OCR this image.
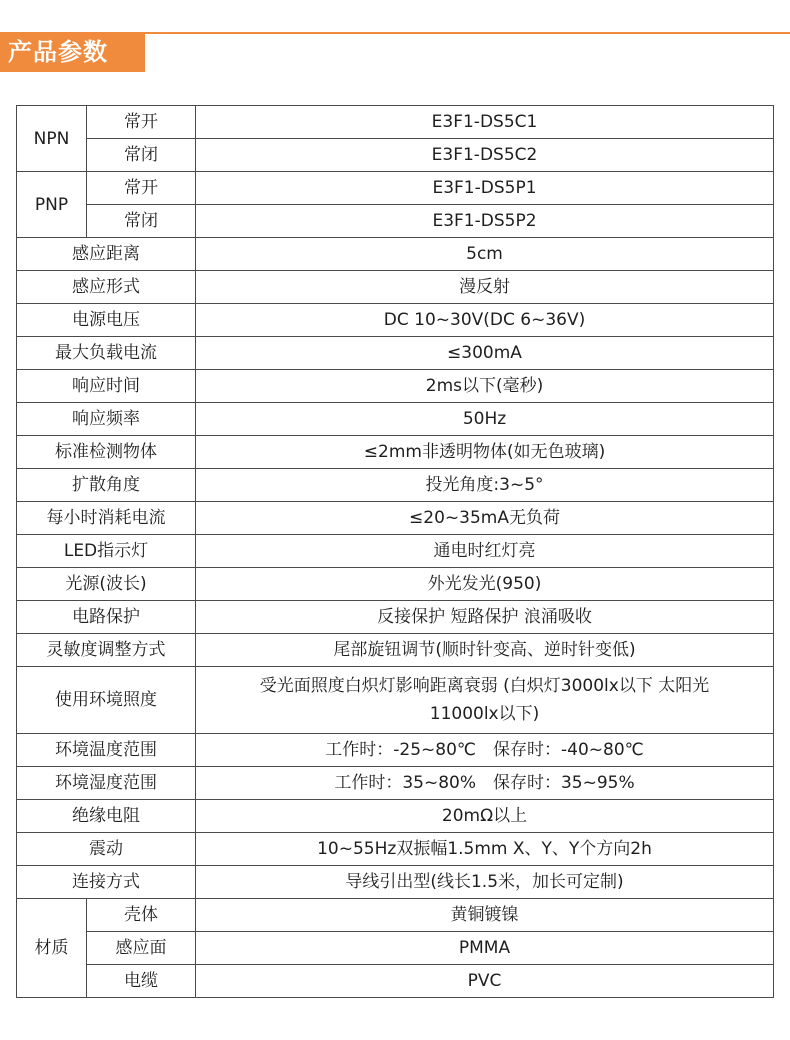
产品参数
NPN	常开	E3F1-DS5C1
	常闭	E3F1-DS5C2
PNP	常开	E3F1-DS5P1
	常闭	E3F1-DS5P2
感应距离		5cm
感应形式		漫反射
电源电压		DC 10~30V(DC 6~36V)
最大负载电流		≤300mA
响应时间		2ms以下(毫秒)
响应频率		50Hz
标准检测物体		≤2mm非透明物体(如无色玻璃)
扩散角度		投光角度:3~5°
每小时消耗电流		≤20~35mA无负荷
LED指示灯		通电时红灯亮
光源(波长)		外光发光(950)
电路保护		反接保护 短路保护 浪涌吸收
灵敏度调整方式		尾部旋钮调节(顺时针变高、逆时针变低)
使用环境照度		受光面照度白炽灯影响距离衰弱 (白炽灯3000lx以下 太阳光
11000lx以下)

环境温度范围		工作时：-25~80℃　保存时：-40~80℃
环境湿度范围		工作时：35~80%　保存时：35~95%
绝缘电阻		20mΩ以上
震动		10~55Hz双振幅1.5mm X、Y、Y个方向2h
连接方式		导线引出型(线长1.5米，加长可定制)
材质	壳体	黄铜镀镍
	感应面	PMMA
	电缆	PVC
